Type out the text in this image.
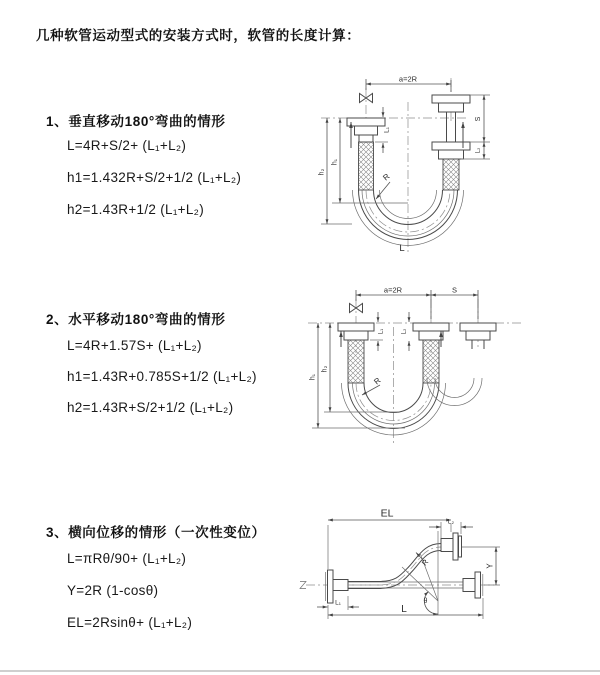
几种软管运动型式的安装方式时，软管的长度计算：
1、垂直移动180°弯曲的情形
L=4R+S/2+ (L₁+L₂)
h1=1.432R+S/2+1/2 (L₁+L₂)
h2=1.43R+1/2 (L₁+L₂)
a=2R
h₁
h₂
L₁
S
L₂
R
L
2、水平移动180°弯曲的情形
L=4R+1.57S+ (L₁+L₂)
h1=1.43R+0.785S+1/2 (L₁+L₂)
h2=1.43R+S/2+1/2 (L₁+L₂)
a=2R	S
L₁	L₂
h₂
h₁	R
3、横向位移的情形（一次性变位）
L=πRθ/90+ (L₁+L₂)
Y=2R (1-cosθ)
EL=2Rsinθ+ (L₁+L₂)
EL
L₂
Y
θ
R
L
L₁
